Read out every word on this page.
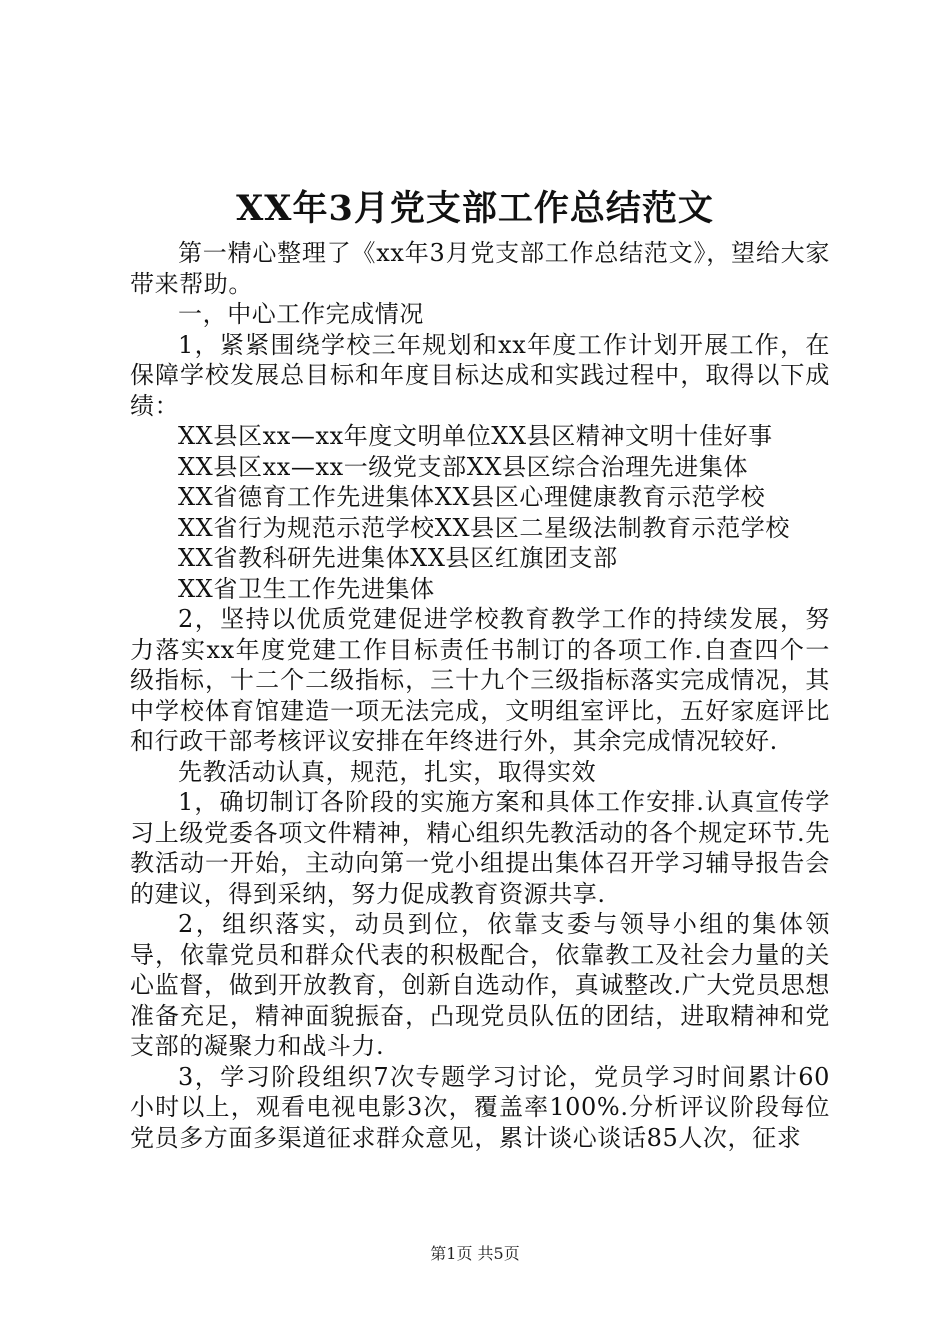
XX年3月党支部工作总结范文

第一精心整理了《xx年3月党支部工作总结范文》，望给大家带来帮助。

一，中心工作完成情况

1，紧紧围绕学校三年规划和xx年度工作计划开展工作，在保障学校发展总目标和年度目标达成和实践过程中，取得以下成绩：

XX县区xx—xx年度文明单位XX县区精神文明十佳好事

XX县区xx—xx一级党支部XX县区综合治理先进集体

XX省德育工作先进集体XX县区心理健康教育示范学校

XX省行为规范示范学校XX县区二星级法制教育示范学校

XX省教科研先进集体XX县区红旗团支部

XX省卫生工作先进集体

2，坚持以优质党建促进学校教育教学工作的持续发展，努力落实xx年度党建工作目标责任书制订的各项工作.自查四个一级指标，十二个二级指标，三十九个三级指标落实完成情况，其中学校体育馆建造一项无法完成，文明组室评比，五好家庭评比和行政干部考核评议安排在年终进行外，其余完成情况较好.

先教活动认真，规范，扎实，取得实效

1，确切制订各阶段的实施方案和具体工作安排.认真宣传学习上级党委各项文件精神，精心组织先教活动的各个规定环节.先教活动一开始，主动向第一党小组提出集体召开学习辅导报告会的建议，得到采纳，努力促成教育资源共享.

2，组织落实，动员到位，依靠支委与领导小组的集体领导，依靠党员和群众代表的积极配合，依靠教工及社会力量的关心监督，做到开放教育，创新自选动作，真诚整改.广大党员思想准备充足，精神面貌振奋，凸现党员队伍的团结，进取精神和党支部的凝聚力和战斗力.

3，学习阶段组织7次专题学习讨论，党员学习时间累计60小时以上，观看电视电影3次，覆盖率100%.分析评议阶段每位党员多方面多渠道征求群众意见，累计谈心谈话85人次，征求

第1页 共5页
